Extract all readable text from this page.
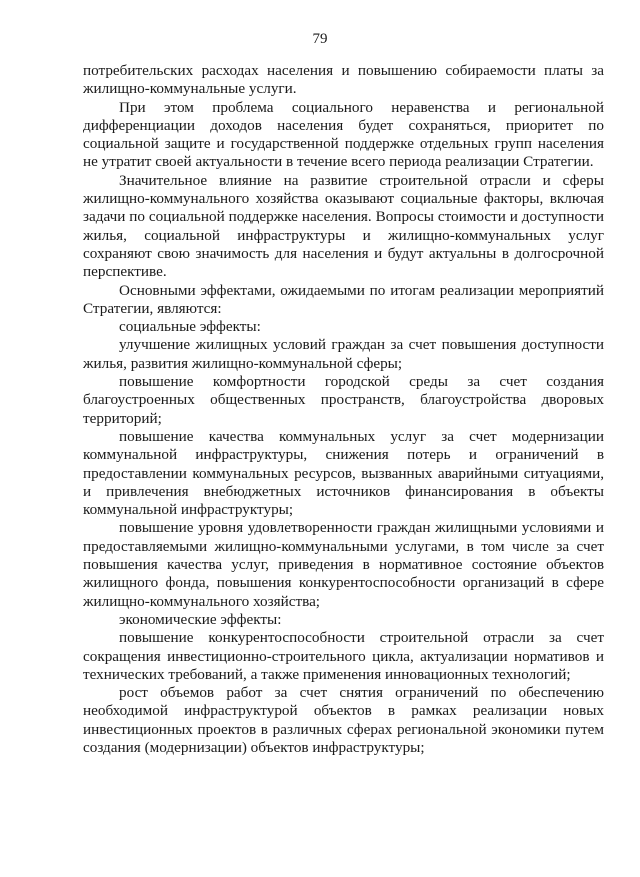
79

потребительских расходах населения и повышению собираемости платы за жилищно-коммунальные услуги.

При этом проблема социального неравенства и региональной дифференциации доходов населения будет сохраняться, приоритет по социальной защите и государственной поддержке отдельных групп населения не утратит своей актуальности в течение всего периода реализации Стратегии.

Значительное влияние на развитие строительной отрасли и сферы жилищно-коммунального хозяйства оказывают социальные факторы, включая задачи по социальной поддержке населения. Вопросы стоимости и доступности жилья, социальной инфраструктуры и жилищно-коммунальных услуг сохраняют свою значимость для населения и будут актуальны в долгосрочной перспективе.

Основными эффектами, ожидаемыми по итогам реализации мероприятий Стратегии, являются:

социальные эффекты:

улучшение жилищных условий граждан за счет повышения доступности жилья, развития жилищно-коммунальной сферы;

повышение комфортности городской среды за счет создания благоустроенных общественных пространств, благоустройства дворовых территорий;

повышение качества коммунальных услуг за счет модернизации коммунальной инфраструктуры, снижения потерь и ограничений в предоставлении коммунальных ресурсов, вызванных аварийными ситуациями, и привлечения внебюджетных источников финансирования в объекты коммунальной инфраструктуры;

повышение уровня удовлетворенности граждан жилищными условиями и предоставляемыми жилищно-коммунальными услугами, в том числе за счет повышения качества услуг, приведения в нормативное состояние объектов жилищного фонда, повышения конкурентоспособности организаций в сфере жилищно-коммунального хозяйства;

экономические эффекты:

повышение конкурентоспособности строительной отрасли за счет сокращения инвестиционно-строительного цикла, актуализации нормативов и технических требований, а также применения инновационных технологий;

рост объемов работ за счет снятия ограничений по обеспечению необходимой инфраструктурой объектов в рамках реализации новых инвестиционных проектов в различных сферах региональной экономики путем создания (модернизации) объектов инфраструктуры;
